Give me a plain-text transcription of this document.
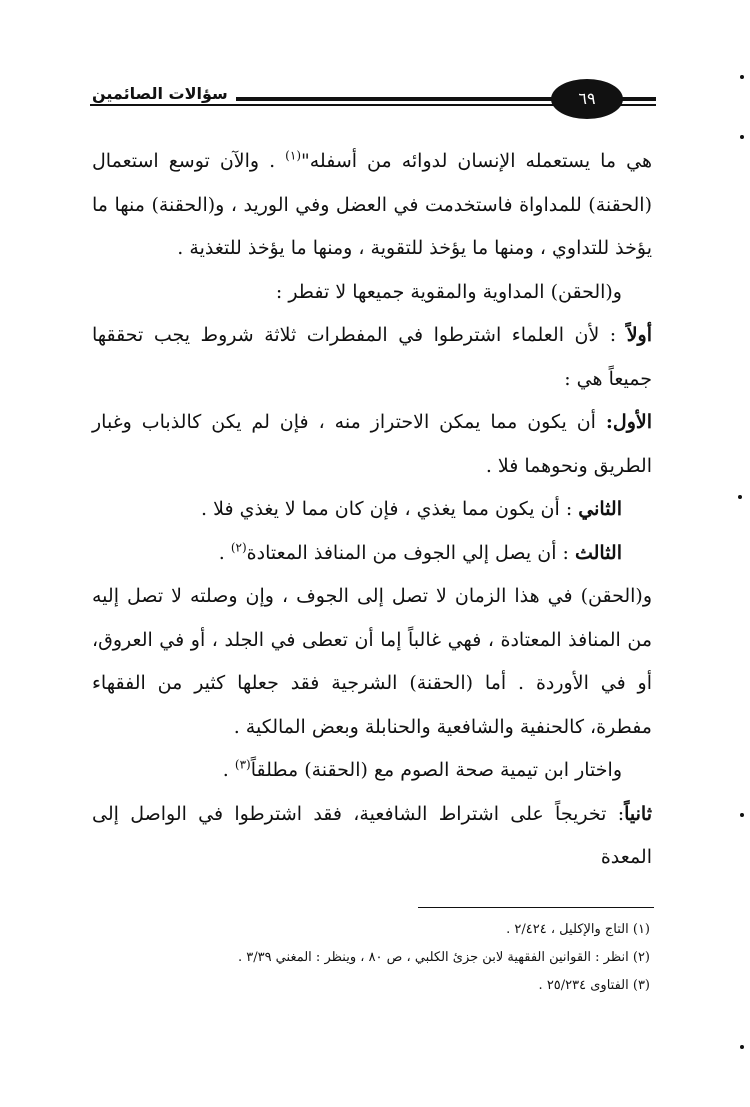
سؤالات الصائمين	٦٩

هي ما يستعمله الإنسان لدوائه من أسفله"$^{(١)}$ . والآن توسع استعمال (الحقنة) للمداواة فاستخدمت في العضل وفي الوريد ، و(الحقنة) منها ما يؤخذ للتداوي ، ومنها ما يؤخذ للتقوية ، ومنها ما يؤخذ للتغذية .

و(الحقن) المداوية والمقوية جميعها لا تفطر :

أولاً : لأن العلماء اشترطوا في المفطرات ثلاثة شروط يجب تحققها جميعاً هي :

الأول: أن يكون مما يمكن الاحتراز منه ، فإن لم يكن كالذباب وغبار الطريق ونحوهما فلا .

الثاني : أن يكون مما يغذي ، فإن كان مما لا يغذي فلا .

الثالث : أن يصل إلي الجوف من المنافذ المعتادة$^{(٢)}$ .

و(الحقن) في هذا الزمان لا تصل إلى الجوف ، وإن وصلته لا تصل إليه من المنافذ المعتادة ، فهي غالباً إما أن تعطى في الجلد ، أو في العروق، أو في الأوردة . أما (الحقنة) الشرجية فقد جعلها كثير من الفقهاء مفطرة، كالحنفية والشافعية والحنابلة وبعض المالكية .

واختار ابن تيمية صحة الصوم مع (الحقنة) مطلقاً$^{(٣)}$ .

ثانياً: تخريجاً على اشتراط الشافعية، فقد اشترطوا في الواصل إلى المعدة

(١) التاج والإكليل ، ٢/٤٢٤ .

(٢) انظر : القوانين الفقهية لابن جزئ الكلبي ، ص ٨٠ ، وينظر : المغني ٣/٣٩ .

(٣) الفتاوى ٢٥/٢٣٤ .
